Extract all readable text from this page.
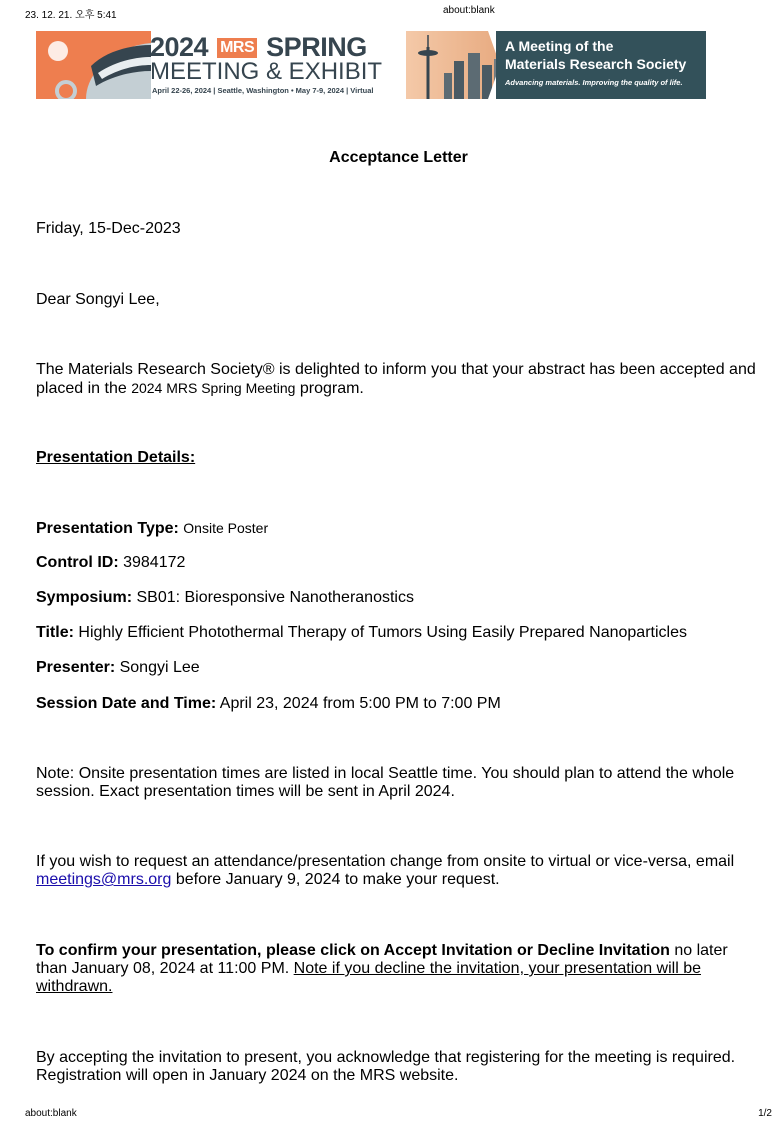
23. 12. 21. 오후 5:41	about:blank
2024 MRS SPRING
MEETING & EXHIBIT
April 22-26, 2024 | Seattle, Washington • May 7-9, 2024 | Virtual
A Meeting of the
Materials Research Society
Advancing materials. Improving the quality of life.
Acceptance Letter
Friday, 15-Dec-2023
Dear Songyi Lee,
The Materials Research Society® is delighted to inform you that your abstract has been accepted and placed in the 2024 MRS Spring Meeting program.
Presentation Details:
Presentation Type: Onsite Poster
Control ID: 3984172
Symposium: SB01: Bioresponsive Nanotheranostics
Title: Highly Efficient Photothermal Therapy of Tumors Using Easily Prepared Nanoparticles
Presenter: Songyi Lee
Session Date and Time: April 23, 2024 from 5:00 PM to 7:00 PM
Note: Onsite presentation times are listed in local Seattle time. You should plan to attend the whole session. Exact presentation times will be sent in April 2024.
If you wish to request an attendance/presentation change from onsite to virtual or vice-versa, email meetings@mrs.org before January 9, 2024 to make your request.
To confirm your presentation, please click on Accept Invitation or Decline Invitation no later than January 08, 2024 at 11:00 PM. Note if you decline the invitation, your presentation will be withdrawn.
By accepting the invitation to present, you acknowledge that registering for the meeting is required. Registration will open in January 2024 on the MRS website.
about:blank	1/2
